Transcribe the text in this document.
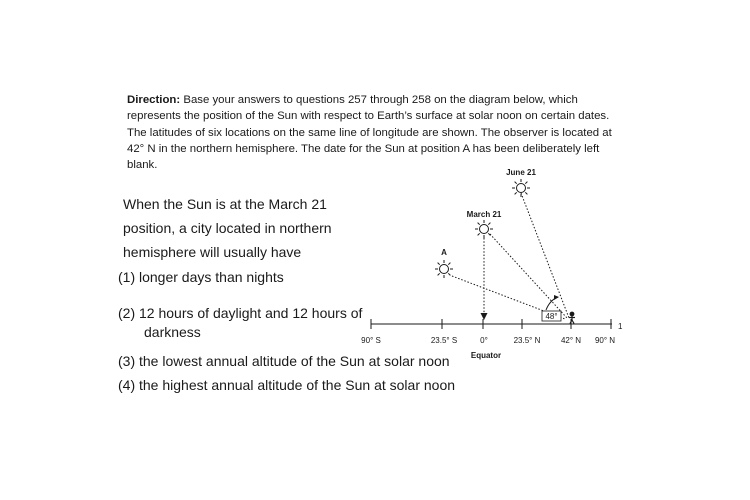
Direction: Base your answers to questions 257 through 258 on the diagram below, which represents the position of the Sun with respect to Earth’s surface at solar noon on certain dates. The latitudes of six locations on the same line of longitude are shown. The observer is located at 42° N in the northern hemisphere. The date for the Sun at position A has been deliberately left blank.
When the Sun is at the March 21 position, a city located in northern hemisphere will usually have
(1) longer days than nights
(2) 12 hours of daylight and 12 hours of
darkness
(3) the lowest annual altitude of the Sun at solar noon
(4) the highest annual altitude of the Sun at solar noon
1
90° S	23.5° S	0°	23.5° N	42° N 90° N
Equator
48°
June 21
March 21
A
